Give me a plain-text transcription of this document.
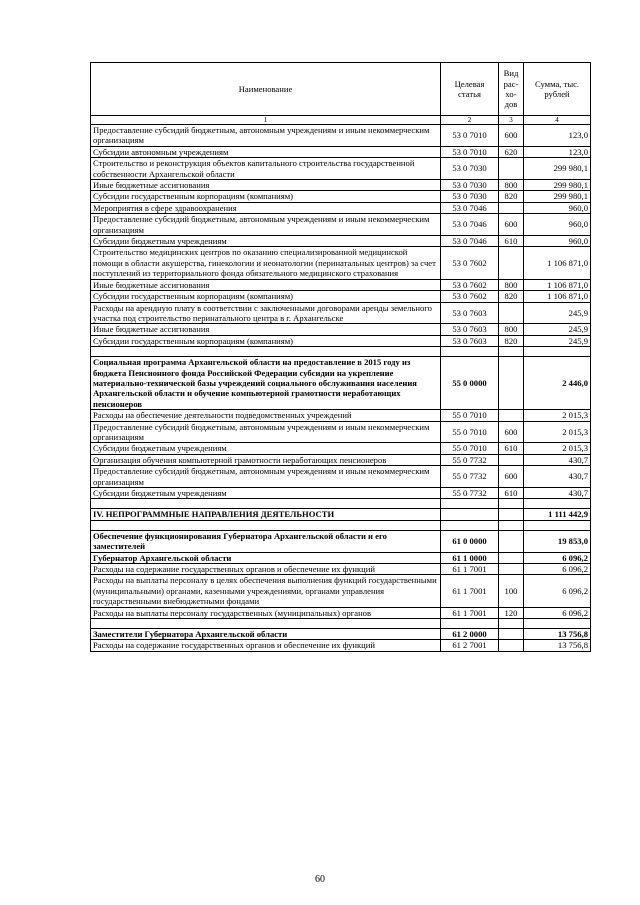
Наименование	Целевая статья	Вид рас-хо-дов	Сумма, тыс. рублей
1	2	3	4
Предоставление субсидий бюджетным, автономным учреждениям и иным некоммерческим организациям	53 0 7010	600	123,0
Субсидии автономным учреждениям	53 0 7010	620	123,0
Строительство и реконструкция объектов капитального строительства государственной собственности Архангельской области	53 0 7030		299 980,1
Иные бюджетные ассигнования	53 0 7030	800	299 980,1
Субсидии государственным корпорациям (компаниям)	53 0 7030	820	299 980,1
Мероприятия в сфере здравоохранения	53 0 7046		960,0
Предоставление субсидий бюджетным, автономным учреждениям и иным некоммерческим организациям	53 0 7046	600	960,0
Субсидии бюджетным учреждениям	53 0 7046	610	960,0
Строительство медицинских центров по оказанию специализированной медицинской помощи в области акушерства, гинекологии и неонатологии (перинатальных центров) за счет поступлений из территориального фонда обязательного медицинского страхования	53 0 7602		1 106 871,0
Иные бюджетные ассигнования	53 0 7602	800	1 106 871,0
Субсидии государственным корпорациям (компаниям)	53 0 7602	820	1 106 871,0
Расходы на арендную плату в соответствии с заключенными договорами аренды земельного участка под строительство перинатального центра в г. Архангельске	53 0 7603		245,9
Иные бюджетные ассигнования	53 0 7603	800	245,9
Субсидии государственным корпорациям (компаниям)	53 0 7603	820	245,9

Социальная программа Архангельской области на предоставление в 2015 году из бюджета Пенсионного фонда Российской Федерации субсидии на укрепление материально-технической базы учреждений социального обслуживания населения Архангельской области и обучение компьютерной грамотности неработающих пенсионеров	55 0 0000		2 446,0
Расходы на обеспечение деятельности подведомственных учреждений	55 0 7010		2 015,3
Предоставление субсидий бюджетным, автономным учреждениям и иным некоммерческим организациям	55 0 7010	600	2 015,3
Субсидии бюджетным учреждениям	55 0 7010	610	2 015,3
Организация обучения компьютерной грамотности неработающих пенсионеров	55 0 7732		430,7
Предоставление субсидий бюджетным, автономным учреждениям и иным некоммерческим организациям	55 0 7732	600	430,7
Субсидии бюджетным учреждениям	55 0 7732	610	430,7

IV. НЕПРОГРАММНЫЕ НАПРАВЛЕНИЯ ДЕЯТЕЛЬНОСТИ			1 111 442,9

Обеспечение функционирования Губернатора Архангельской области и его заместителей	61 0 0000		19 853,0
Губернатор Архангельской области	61 1 0000		6 096,2
Расходы на содержание государственных органов и обеспечение их функций	61 1 7001		6 096,2
Расходы на выплаты персоналу в целях обеспечения выполнения функций государственными (муниципальными) органами, казенными учреждениями, органами управления государственными внебюджетными фондами	61 1 7001	100	6 096,2
Расходы на выплаты персоналу государственных (муниципальных) органов	61 1 7001	120	6 096,2

Заместители Губернатора Архангельской области	61 2 0000		13 756,8
Расходы на содержание государственных органов и обеспечение их функций	61 2 7001		13 756,8
60
